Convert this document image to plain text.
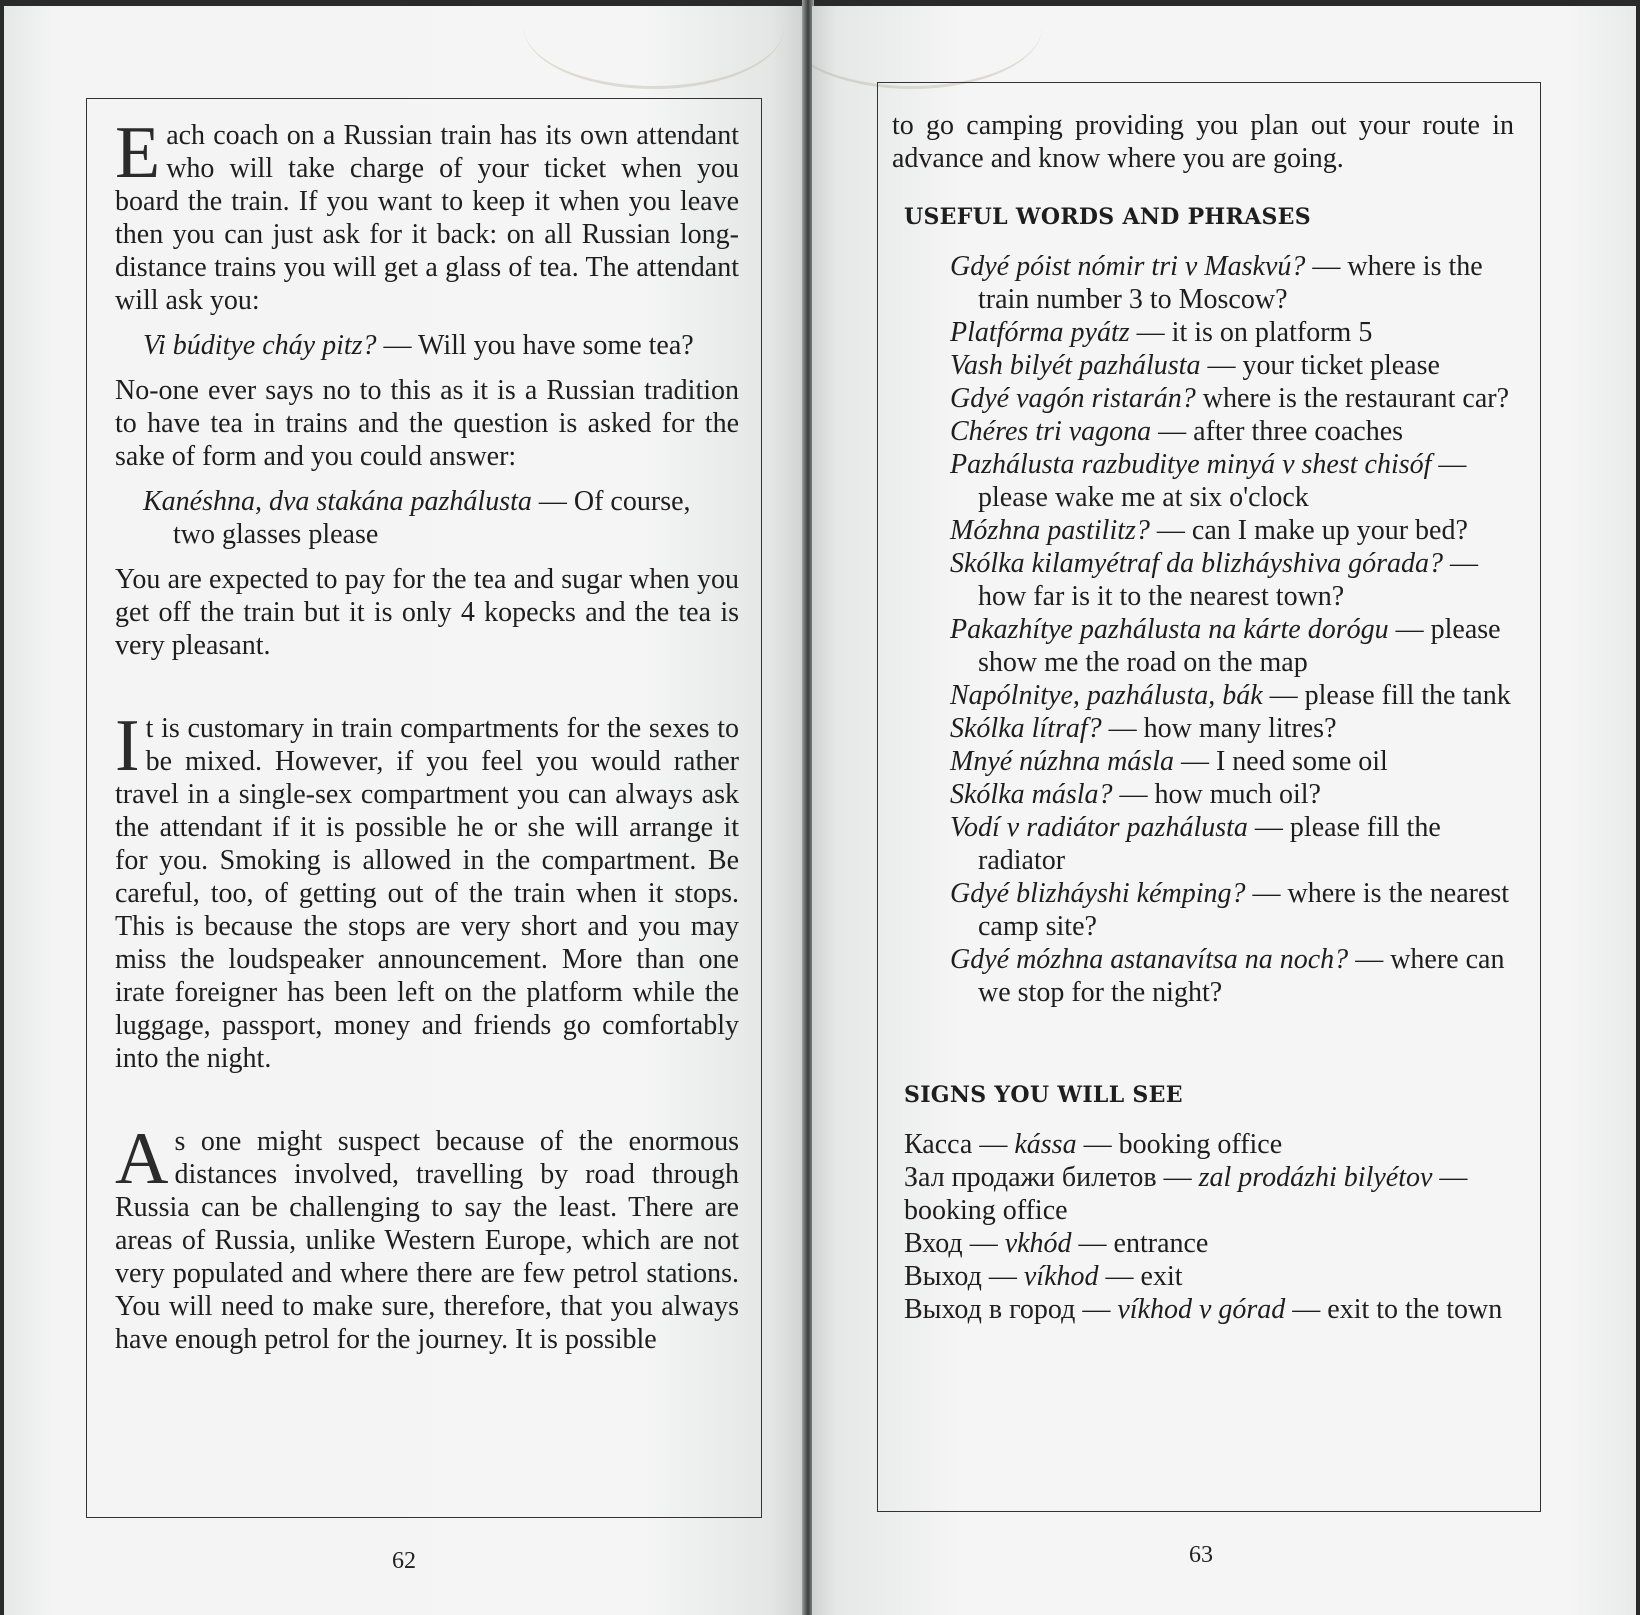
Each coach on a Russian train has its own attendant who will take charge of your ticket when you board the train. If you want to keep it when you leave then you can just ask for it back: on all Russian long-distance trains you will get a glass of tea. The attendant will ask you:

Vi búditye cháy pitz? — Will you have some tea?

No-one ever says no to this as it is a Russian tradition to have tea in trains and the question is asked for the sake of form and you could answer:

Kanéshna, dva stakána pazhálusta — Of course, two glasses please

You are expected to pay for the tea and sugar when you get off the train but it is only 4 kopecks and the tea is very pleasant.

It is customary in train compartments for the sexes to be mixed. However, if you feel you would rather travel in a single-sex compartment you can always ask the attendant if it is possible he or she will arrange it for you. Smoking is allowed in the compartment. Be careful, too, of getting out of the train when it stops. This is because the stops are very short and you may miss the loudspeaker announcement. More than one irate foreigner has been left on the platform while the luggage, passport, money and friends go comfortably into the night.

As one might suspect because of the enormous distances involved, travelling by road through Russia can be challenging to say the least. There are areas of Russia, unlike Western Europe, which are not very populated and where there are few petrol stations. You will need to make sure, therefore, that you always have enough petrol for the journey. It is possible

62

to go camping providing you plan out your route in advance and know where you are going.

USEFUL WORDS AND PHRASES

Gdyé póist nómir tri v Maskvú? — where is the train number 3 to Moscow?

Platfórma pyátz — it is on platform 5

Vash bilyét pazhálusta — your ticket please

Gdyé vagón ristarán? where is the restaurant car?

Chéres tri vagona — after three coaches

Pazhálusta razbuditye minyá v shest chisóf — please wake me at six o'clock

Mózhna pastilitz? — can I make up your bed?

Skólka kilamyétraf da blizháyshiva górada? — how far is it to the nearest town?

Pakazhítye pazhálusta na kárte dorógu — please show me the road on the map

Napólnitye, pazhálusta, bák — please fill the tank

Skólka lítraf? — how many litres?

Mnyé núzhna másla — I need some oil

Skólka másla? — how much oil?

Vodí v radiátor pazhálusta — please fill the radiator

Gdyé blizháyshi kémping? — where is the nearest camp site?

Gdyé mózhna astanavítsa na noch? — where can we stop for the night?

SIGNS YOU WILL SEE

Касса — kássa — booking office

Зал продажи билетов — zal prodázhi bilyétov — booking office

Вход — vkhód — entrance

Выход — víkhod — exit

Выход в город — víkhod v górad — exit to the town

63
